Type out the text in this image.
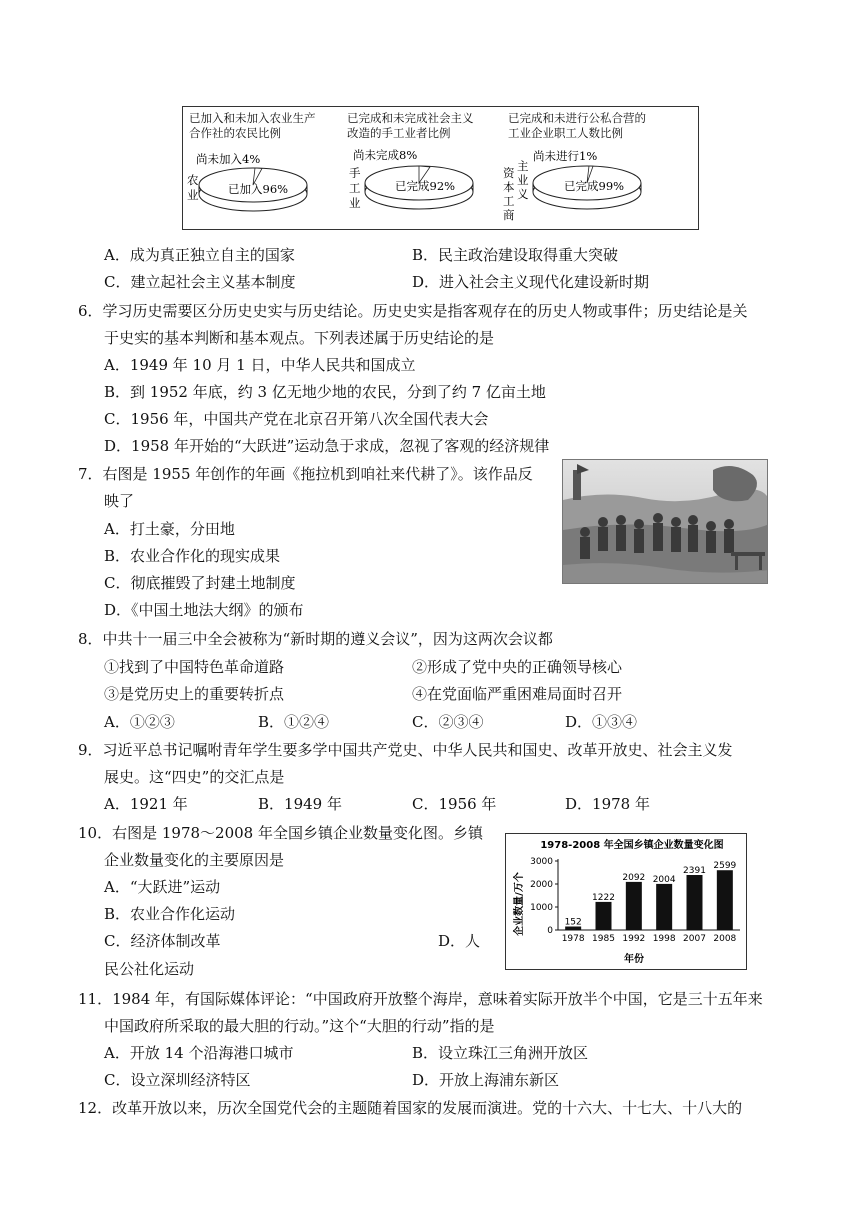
已加入和未加入农业生产
合作社的农民比例
已完成和未完成社会主义
改造的手工业者比例
已完成和未进行公私合营的
工业企业职工人数比例
尚未加入4%
已加入96%
农
业
尚未完成8%
已完成92%
手
工
业
尚未进行1%
已完成99%
资
本
工
商
主
业
义
A．成为真正独立自主的国家	B．民主政治建设取得重大突破
C．建立起社会主义基本制度	D．进入社会主义现代化建设新时期
6．学习历史需要区分历史史实与历史结论。历史史实是指客观存在的历史人物或事件；历史结论是关
于史实的基本判断和基本观点。下列表述属于历史结论的是
A．1949 年 10 月 1 日，中华人民共和国成立
B．到 1952 年底，约 3 亿无地少地的农民，分到了约 7 亿亩土地
C．1956 年，中国共产党在北京召开第八次全国代表大会
D．1958 年开始的“大跃进”运动急于求成，忽视了客观的经济规律
7．右图是 1955 年创作的年画《拖拉机到咱社来代耕了》。该作品反
映了
A．打土豪，分田地
B．农业合作化的现实成果
C．彻底摧毁了封建土地制度
D．《中国土地法大纲》的颁布
8．中共十一届三中全会被称为“新时期的遵义会议”，因为这两次会议都
①找到了中国特色革命道路	②形成了党中央的正确领导核心
③是党历史上的重要转折点	④在党面临严重困难局面时召开
A．①②③	B．①②④	C．②③④	D．①③④
9．习近平总书记嘱咐青年学生要多学中国共产党史、中华人民共和国史、改革开放史、社会主义发
展史。这“四史”的交汇点是
A．1921 年	B．1949 年	C．1956 年	D．1978 年
10．右图是 1978～2008 年全国乡镇企业数量变化图。乡镇
企业数量变化的主要原因是
A．“大跃进”运动
B．农业合作化运动
C．经济体制改革	D．人
民公社化运动
1978-2008 年全国乡镇企业数量变化图
企业数量/万个
年份
152
1222
2092 2004
2391 2599
1978 1985 1992 1998 2007 2008
0
1000
2000
3000
11．1984 年，有国际媒体评论：“中国政府开放整个海岸，意味着实际开放半个中国，它是三十五年来
中国政府所采取的最大胆的行动。”这个“大胆的行动”指的是
A．开放 14 个沿海港口城市	B．设立珠江三角洲开放区
C．设立深圳经济特区	D．开放上海浦东新区
12．改革开放以来，历次全国党代会的主题随着国家的发展而演进。党的十六大、十七大、十八大的
